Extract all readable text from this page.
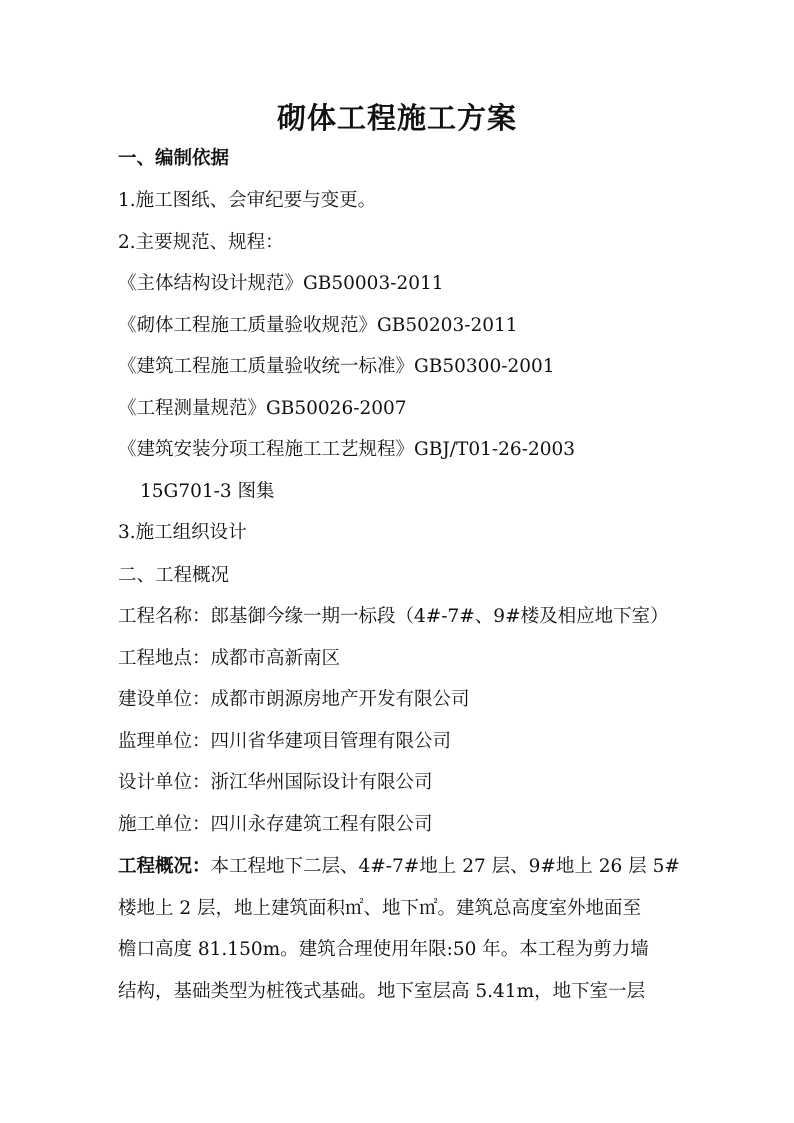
砌体工程施工方案
一、编制依据
1.施工图纸、会审纪要与变更。
2.主要规范、规程：
《主体结构设计规范》GB50003-2011
《砌体工程施工质量验收规范》GB50203-2011
《建筑工程施工质量验收统一标准》GB50300-2001
《工程测量规范》GB50026-2007
《建筑安装分项工程施工工艺规程》GBJ/T01-26-2003
15G701-3 图集
3.施工组织设计
二、工程概况
工程名称：郎基御今缘一期一标段（4#-7#、9#楼及相应地下室）
工程地点：成都市高新南区
建设单位：成都市朗源房地产开发有限公司
监理单位：四川省华建项目管理有限公司
设计单位：浙江华州国际设计有限公司
施工单位：四川永存建筑工程有限公司
工程概况：本工程地下二层、4#-7#地上 27 层、9#地上 26 层 5#
楼地上 2 层，地上建筑面积㎡、地下㎡。建筑总高度室外地面至
檐口高度 81.150m。建筑合理使用年限:50 年。本工程为剪力墙
结构，基础类型为桩筏式基础。地下室层高 5.41m，地下室一层
